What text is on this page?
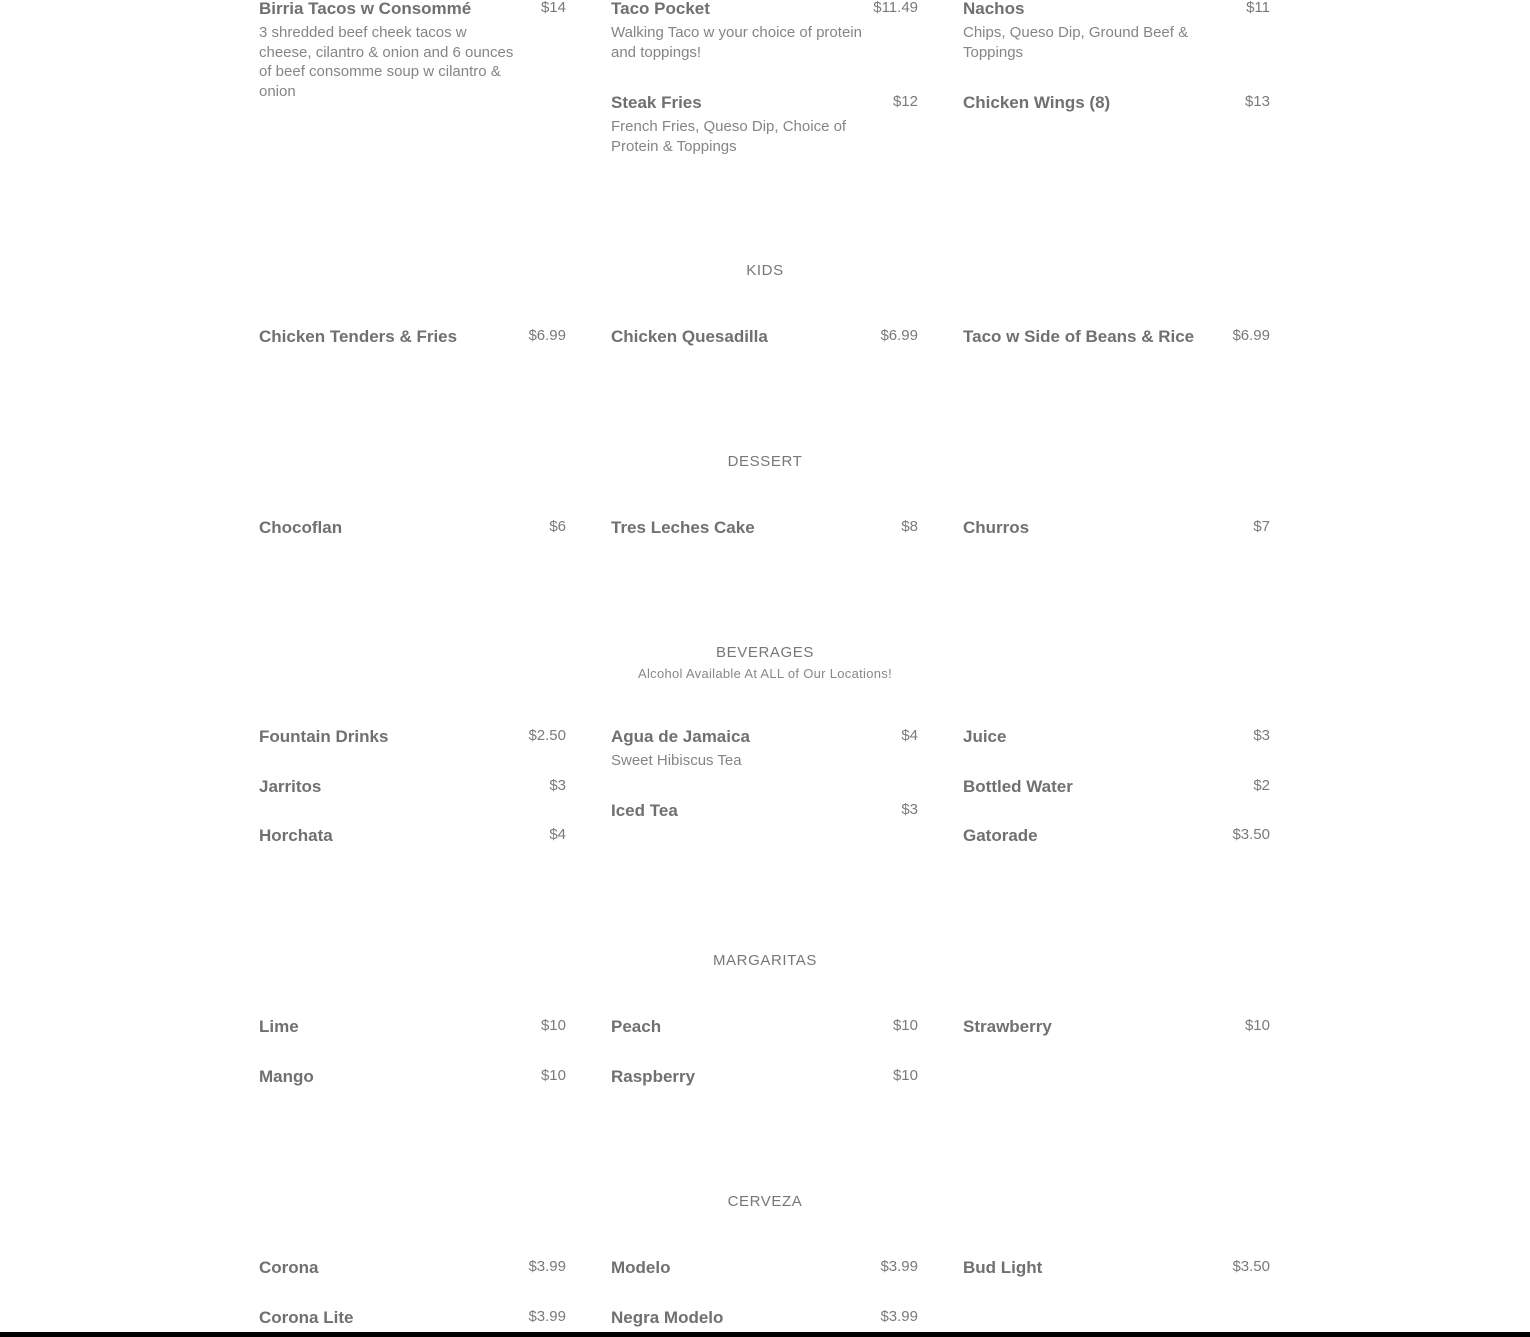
Birria Tacos w Consommé	$14
3 shredded beef cheek tacos w cheese, cilantro & onion and 6 ounces of beef consomme soup w cilantro & onion
Taco Pocket	$11.49
Walking Taco w your choice of protein and toppings!
Steak Fries	$12
French Fries, Queso Dip, Choice of Protein & Toppings
Nachos	$11
Chips, Queso Dip, Ground Beef & Toppings
Chicken Wings (8)	$13
KIDS
Chicken Tenders & Fries	$6.99	Chicken Quesadilla	$6.99	Taco w Side of Beans & Rice	$6.99
DESSERT
Chocoflan	$6	Tres Leches Cake	$8	Churros	$7
BEVERAGES
Alcohol Available At ALL of Our Locations!
Fountain Drinks	$2.50
Jarritos	$3
Horchata	$4
Agua de Jamaica	$4
Sweet Hibiscus Tea
Iced Tea	$3
Juice	$3
Bottled Water	$2
Gatorade	$3.50
MARGARITAS
Lime	$10
Mango	$10
Peach	$10
Raspberry	$10
Strawberry	$10
CERVEZA
Corona	$3.99
Corona Lite	$3.99
Modelo	$3.99
Negra Modelo	$3.99
Bud Light	$3.50
